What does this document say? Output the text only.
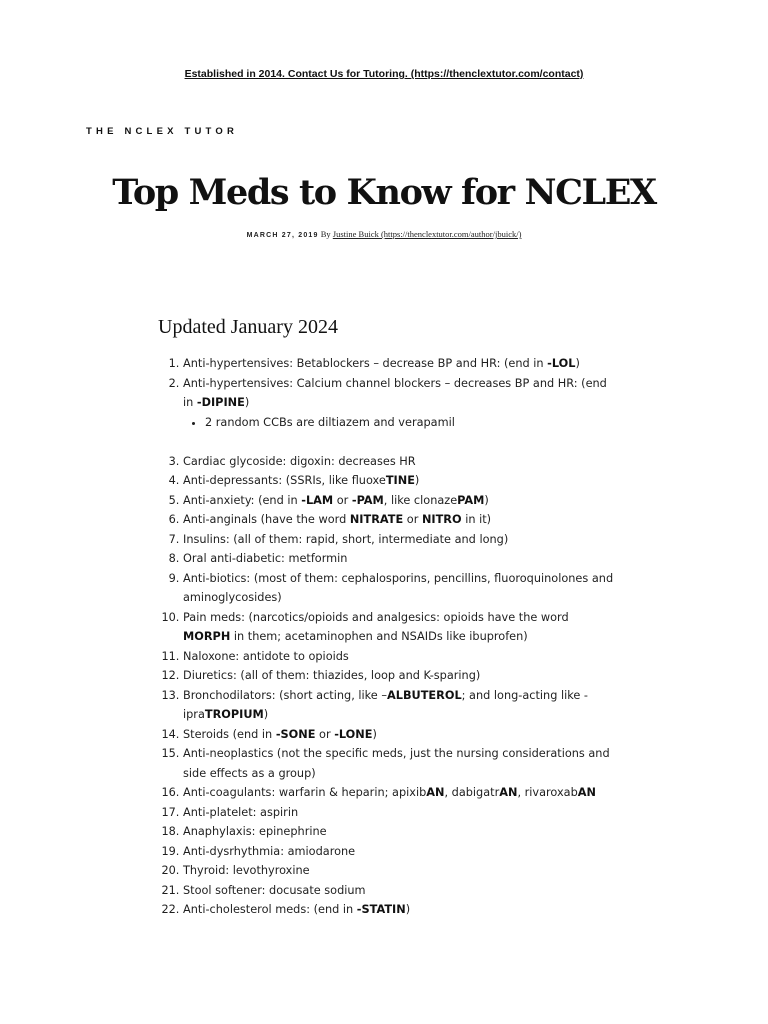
Established in 2014. Contact Us for Tutoring. (https://thenclextutor.com/contact)
THE NCLEX TUTOR
Top Meds to Know for NCLEX
MARCH 27, 2019 By Justine Buick (https://thenclextutor.com/author/jbuick/)
Updated January 2024
1. Anti-hypertensives: Betablockers – decrease BP and HR: (end in -LOL)
2. Anti-hypertensives: Calcium channel blockers – decreases BP and HR: (end in -DIPINE)
• 2 random CCBs are diltiazem and verapamil
3. Cardiac glycoside: digoxin: decreases HR
4. Anti-depressants: (SSRIs, like fluoxeTINE)
5. Anti-anxiety: (end in -LAM or -PAM, like clonazePAM)
6. Anti-anginals (have the word NITRATE or NITRO in it)
7. Insulins: (all of them: rapid, short, intermediate and long)
8. Oral anti-diabetic: metformin
9. Anti-biotics: (most of them: cephalosporins, pencillins, fluoroquinolones and aminoglycosides)
10. Pain meds: (narcotics/opioids and analgesics: opioids have the word MORPH in them; acetaminophen and NSAIDs like ibuprofen)
11. Naloxone: antidote to opioids
12. Diuretics: (all of them: thiazides, loop and K-sparing)
13. Bronchodilators: (short acting, like –ALBUTEROL; and long-acting like -ipraTROPIUM)
14. Steroids (end in -SONE or -LONE)
15. Anti-neoplastics (not the specific meds, just the nursing considerations and side effects as a group)
16. Anti-coagulants: warfarin & heparin; apixibAN, dabigatrAN, rivaroxabAN
17. Anti-platelet: aspirin
18. Anaphylaxis: epinephrine
19. Anti-dysrhythmia: amiodarone
20. Thyroid: levothyroxine
21. Stool softener: docusate sodium
22. Anti-cholesterol meds: (end in -STATIN)
